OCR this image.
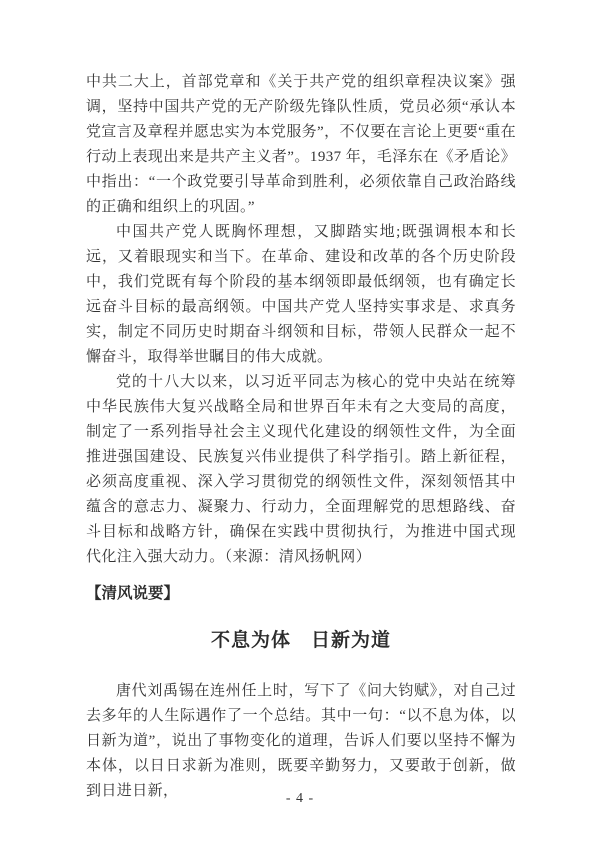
中共二大上，首部党章和《关于共产党的组织章程决议案》强调，坚持中国共产党的无产阶级先锋队性质，党员必须“承认本党宣言及章程并愿忠实为本党服务”，不仅要在言论上更要“重在行动上表现出来是共产主义者”。1937 年，毛泽东在《矛盾论》中指出：“一个政党要引导革命到胜利，必须依靠自己政治路线的正确和组织上的巩固。”

中国共产党人既胸怀理想，又脚踏实地;既强调根本和长远，又着眼现实和当下。在革命、建设和改革的各个历史阶段中，我们党既有每个阶段的基本纲领即最低纲领，也有确定长远奋斗目标的最高纲领。中国共产党人坚持实事求是、求真务实，制定不同历史时期奋斗纲领和目标，带领人民群众一起不懈奋斗，取得举世瞩目的伟大成就。

党的十八大以来，以习近平同志为核心的党中央站在统筹中华民族伟大复兴战略全局和世界百年未有之大变局的高度，制定了一系列指导社会主义现代化建设的纲领性文件，为全面推进强国建设、民族复兴伟业提供了科学指引。踏上新征程，必须高度重视、深入学习贯彻党的纲领性文件，深刻领悟其中蕴含的意志力、凝聚力、行动力，全面理解党的思想路线、奋斗目标和战略方针，确保在实践中贯彻执行，为推进中国式现代化注入强大动力。（来源：清风扬帆网）

【清风说要】
不息为体　日新为道

唐代刘禹锡在连州任上时，写下了《问大钧赋》，对自己过去多年的人生际遇作了一个总结。其中一句：“以不息为体，以日新为道”，说出了事物变化的道理，告诉人们要以坚持不懈为本体，以日日求新为准则，既要辛勤努力，又要敢于创新，做到日进日新，	- 4 -
